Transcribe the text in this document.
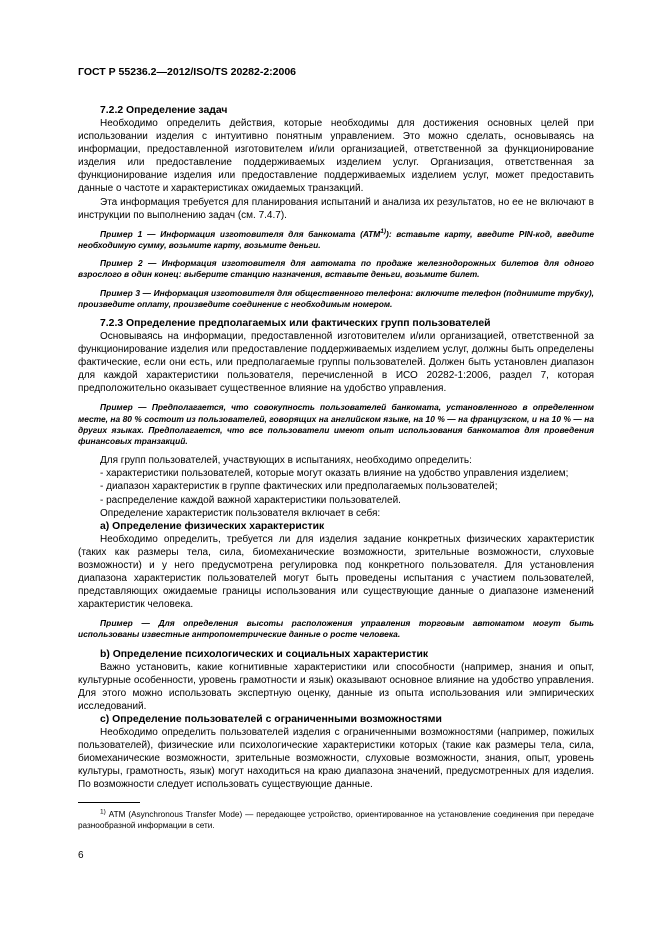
ГОСТ Р 55236.2—2012/ISO/TS 20282-2:2006
7.2.2 Определение задач

Необходимо определить действия, которые необходимы для достижения основных целей при использовании изделия с интуитивно понятным управлением. Это можно сделать, основываясь на информации, предоставленной изготовителем и/или организацией, ответственной за функционирование изделия или предоставление поддерживаемых изделием услуг. Организация, ответственная за функционирование изделия или предоставление поддерживаемых изделием услуг, может предоставить данные о частоте и характеристиках ожидаемых транзакций.

Эта информация требуется для планирования испытаний и анализа их результатов, но ее не включают в инструкции по выполнению задач (см. 7.4.7).

Пример 1 — Информация изготовителя для банкомата (АТМ$^{1)}$): вставьте карту, введите PIN-код, введите необходимую сумму, возьмите карту, возьмите деньги.
Пример 2 — Информация изготовителя для автомата по продаже железнодорожных билетов для одного взрослого в один конец: выберите станцию назначения, вставьте деньги, возьмите билет.
Пример 3 — Информация изготовителя для общественного телефона: включите телефон (поднимите трубку), произведите оплату, произведите соединение с необходимым номером.
7.2.3 Определение предполагаемых или фактических групп пользователей

Основываясь на информации, предоставленной изготовителем и/или организацией, ответственной за функционирование изделия или предоставление поддерживаемых изделием услуг, должны быть определены фактические, если они есть, или предполагаемые группы пользователей. Должен быть установлен диапазон для каждой характеристики пользователя, перечисленной в ИСО 20282-1:2006, раздел 7, которая предположительно оказывает существенное влияние на удобство управления.

Пример — Предполагается, что совокупность пользователей банкомата, установленного в определенном месте, на 80 % состоит из пользователей, говорящих на английском языке, на 10 % — на французском, и на 10 % — на других языках. Предполагается, что все пользователи имеют опыт использования банкоматов для проведения финансовых транзакций.

Для групп пользователей, участвующих в испытаниях, необходимо определить:

- характеристики пользователей, которые могут оказать влияние на удобство управления изделием;

- диапазон характеристик в группе фактических или предполагаемых пользователей;

- распределение каждой важной характеристики пользователей.

Определение характеристик пользователя включает в себя:

a) Определение физических характеристик

Необходимо определить, требуется ли для изделия задание конкретных физических характеристик (таких как размеры тела, сила, биомеханические возможности, зрительные возможности, слуховые возможности) и у него предусмотрена регулировка под конкретного пользователя. Для установления диапазона характеристик пользователей могут быть проведены испытания с участием пользователей, представляющих ожидаемые границы использования или существующие данные о диапазоне изменений характеристик человека.

Пример — Для определения высоты расположения управления торговым автоматом могут быть использованы известные антропометрические данные о росте человека.
b) Определение психологических и социальных характеристик

Важно установить, какие когнитивные характеристики или способности (например, знания и опыт, культурные особенности, уровень грамотности и язык) оказывают основное влияние на удобство управления. Для этого можно использовать экспертную оценку, данные из опыта использования или эмпирических исследований.

c) Определение пользователей с ограниченными возможностями

Необходимо определить пользователей изделия с ограниченными возможностями (например, пожилых пользователей), физические или психологические характеристики которых (такие как размеры тела, сила, биомеханические возможности, зрительные возможности, слуховые возможности, знания, опыт, уровень культуры, грамотность, язык) могут находиться на краю диапазона значений, предусмотренных для изделия. По возможности следует использовать существующие данные.

$^{1)}$ АТМ (Asynchronous Transfer Mode) — передающее устройство, ориентированное на установление соединения при передаче разнообразной информации в сети.

6
